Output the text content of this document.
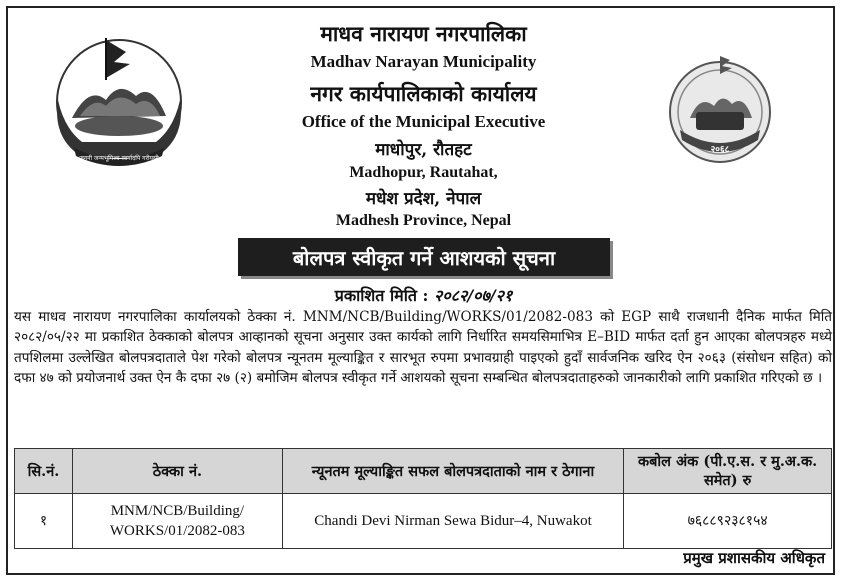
जननी जन्मभूमिश्च स्वर्गादपि गरीयसी
२०६८
माधव नारायण नगरपालिका
Madhav Narayan Municipality
नगर कार्यपालिकाको कार्यालय
Office of the Municipal Executive
माधोपुर, रौतहट
Madhopur, Rautahat,
मधेश प्रदेश, नेपाल
Madhesh Province, Nepal
बोलपत्र स्वीकृत गर्ने आशयको सूचना
प्रकाशित मिति : २०८२/०७/२१
यस माधव नारायण नगरपालिका कार्यालयको ठेक्का नं. MNM/NCB/Building/WORKS/01/2082-083 को EGP साथै राजधानी दैनिक मार्फत मिति २०८२/०५/२२ मा प्रकाशित ठेक्काको बोलपत्र आव्हानको सूचना अनुसार उक्त कार्यको लागि निर्धारित समयसिमाभित्र E–BID मार्फत दर्ता हुन आएका बोलपत्रहरु मध्ये तपशिलमा उल्लेखित बोलपत्रदाताले पेश गरेको बोलपत्र न्यूनतम मूल्याङ्कित र सारभूत रुपमा प्रभावग्राही पाइएको हुदाँ सार्वजनिक खरिद ऐन २०६३ (संसोधन सहित) को दफा ४७ को प्रयोजनार्थ उक्त ऐन कै दफा २७ (२) बमोजिम बोलपत्र स्वीकृत गर्ने आशयको सूचना सम्बन्धित बोलपत्रदाताहरुको जानकारीको लागि प्रकाशित गरिएको छ ।
सि.नं.	ठेक्का नं.	न्यूनतम मूल्याङ्कित सफल बोलपत्रदाताको नाम र ठेगाना	कबोल अंक (पी.ए.स. र मु.अ.क. समेत) रु
१	MNM/NCB/Building/ WORKS/01/2082-083	Chandi Devi Nirman Sewa Bidur–4, Nuwakot	७६८८९२३८१५४
प्रमुख प्रशासकीय अधिकृत
